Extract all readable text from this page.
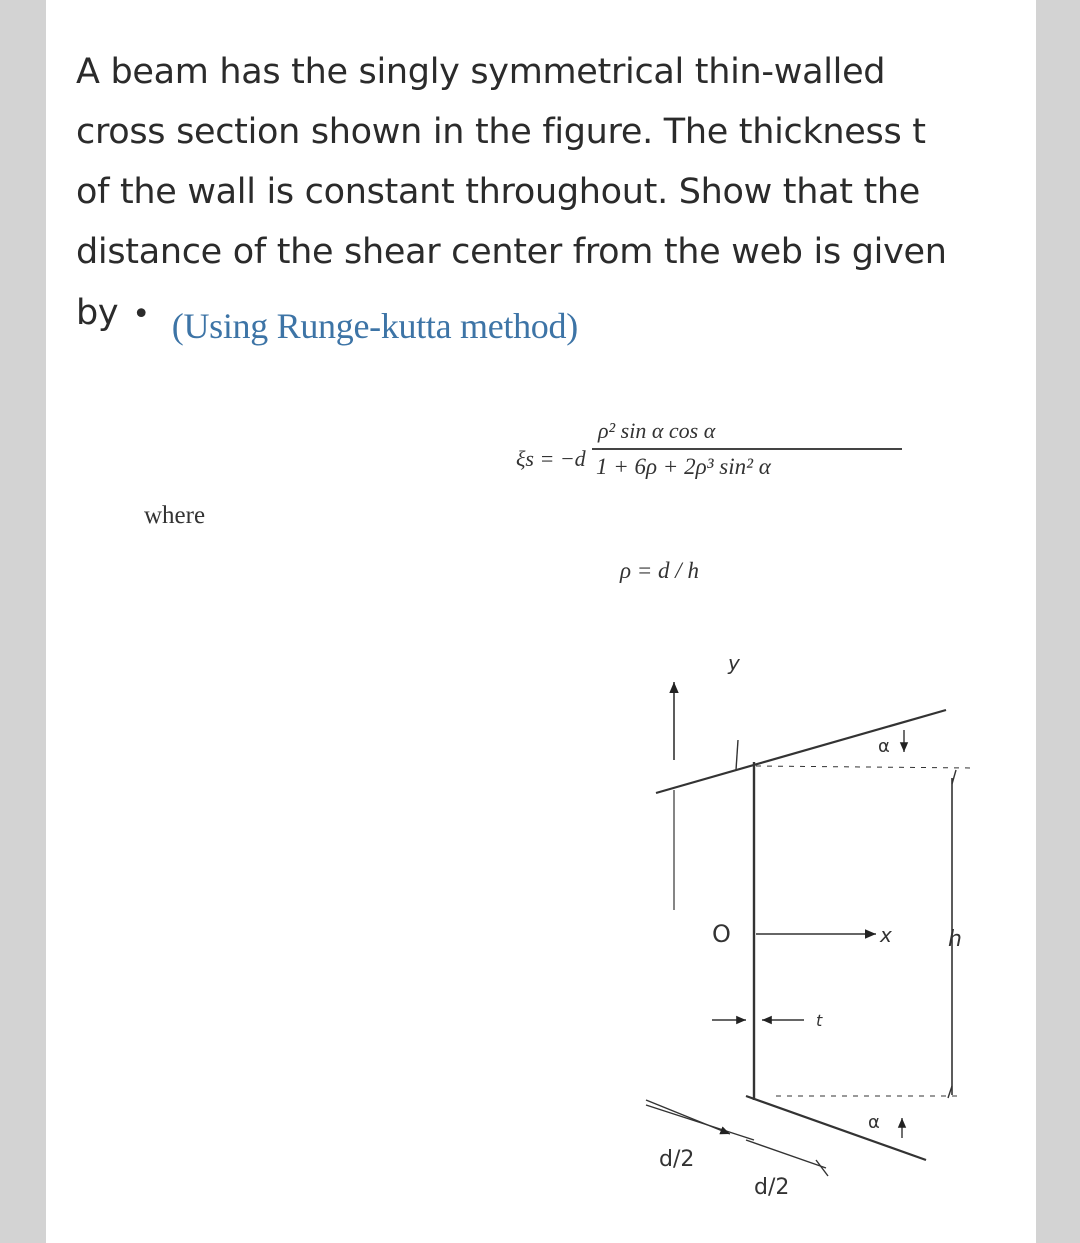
A beam has the singly symmetrical thin-walled
cross section shown in the figure. The thickness t
of the wall is constant throughout. Show that the
distance of the shear center from the web is given
by • (Using Runge-kutta method)
ξs = −d
ρ² sin α cos α
1 + 6ρ + 2ρ³ sin² α
where
ρ = d / h
y
O	x	h
t
α
α
d/2
d/2
